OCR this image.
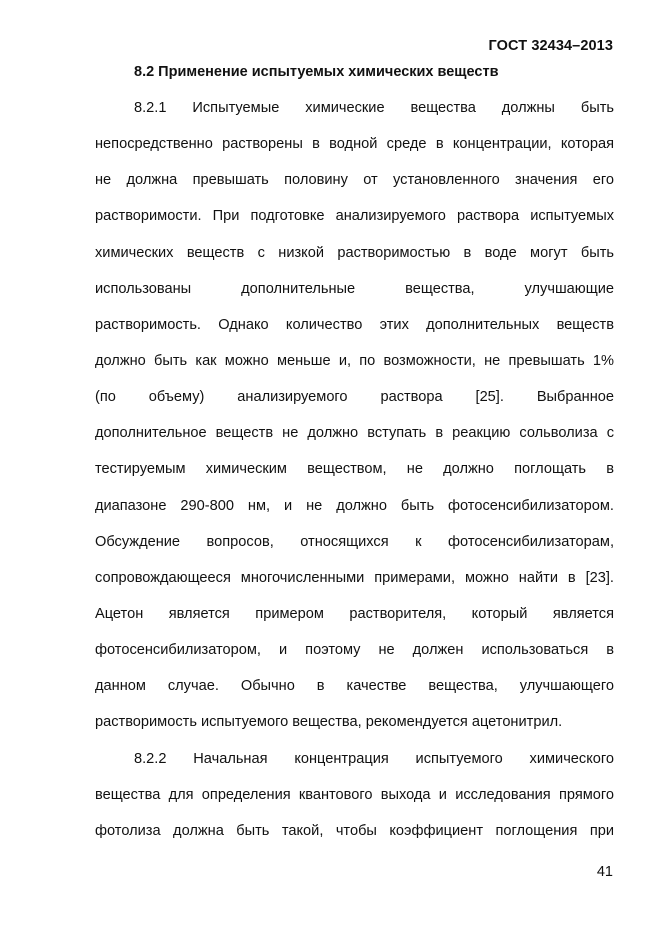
ГОСТ 32434–2013
8.2 Применение испытуемых химических веществ
8.2.1 Испытуемые химические вещества должны быть
непосредственно растворены в водной среде в концентрации, которая
не должна превышать половину от установленного значения его
растворимости. При подготовке анализируемого раствора испытуемых
химических веществ с низкой растворимостью в воде могут быть
использованы дополнительные вещества, улучшающие
растворимость. Однако количество этих дополнительных веществ
должно быть как можно меньше и, по возможности, не превышать 1%
(по объему) анализируемого раствора [25]. Выбранное
дополнительное веществ не должно вступать в реакцию сольволиза с
тестируемым химическим веществом, не должно поглощать в
диапазоне 290-800 нм, и не должно быть фотосенсибилизатором.
Обсуждение вопросов, относящихся к фотосенсибилизаторам,
сопровождающееся многочисленными примерами, можно найти в [23].
Ацетон является примером растворителя, который является
фотосенсибилизатором, и поэтому не должен использоваться в
данном случае. Обычно в качестве вещества, улучшающего
растворимость испытуемого вещества, рекомендуется ацетонитрил.
8.2.2 Начальная концентрация испытуемого химического
вещества для определения квантового выхода и исследования прямого
фотолиза должна быть такой, чтобы коэффициент поглощения при
41
